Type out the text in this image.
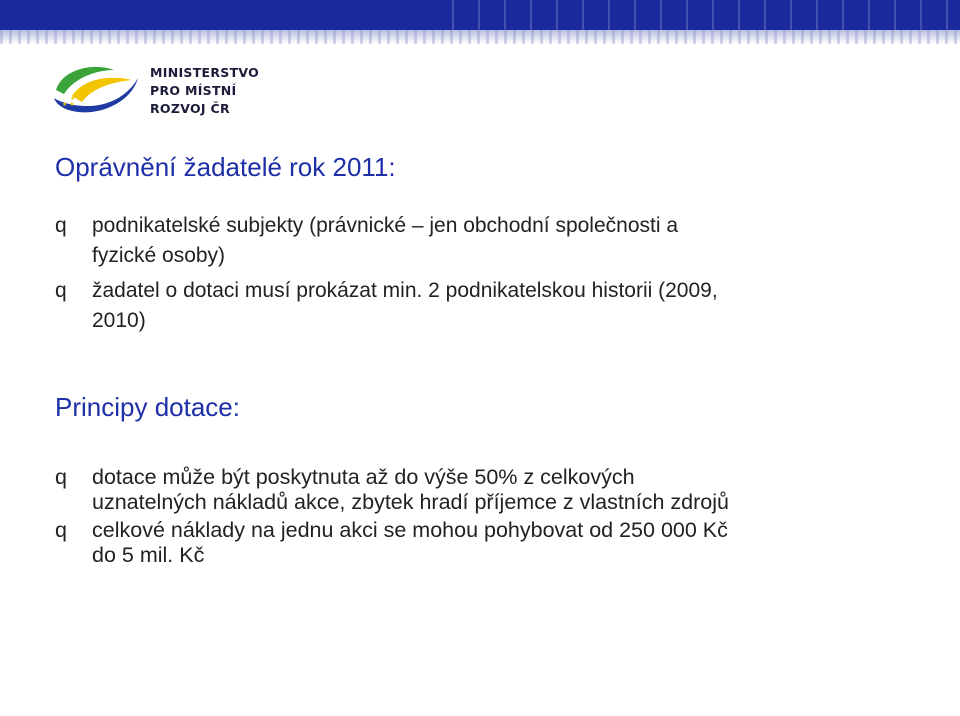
★ ★
★
MINISTERSTVO
PRO MÍSTNÍ
ROZVOJ ČR
Oprávnění žadatelé rok 2011:
q podnikatelské subjekty (právnické – jen obchodní společnosti a
fyzické osoby)
q žadatel o dotaci musí prokázat min. 2 podnikatelskou historii (2009,
2010)
Principy dotace:
q dotace může být poskytnuta až do výše 50% z celkových
uznatelných nákladů akce, zbytek hradí příjemce z vlastních zdrojů
q celkové náklady na jednu akci se mohou pohybovat od 250 000 Kč
do 5 mil. Kč
